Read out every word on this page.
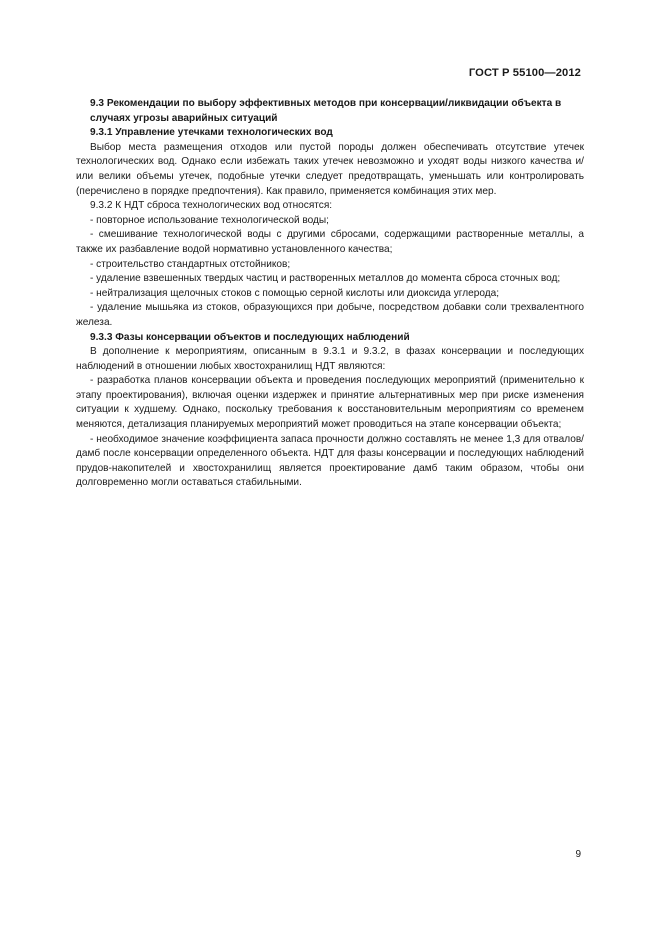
ГОСТ Р 55100—2012

9.3 Рекомендации по выбору эффективных методов при консервации/ликвидации объекта в случаях угрозы аварийных ситуаций

9.3.1 Управление утечками технологических вод

Выбор места размещения отходов или пустой породы должен обеспечивать отсутствие утечек технологических вод. Однако если избежать таких утечек невозможно и уходят воды низкого качества и/или велики объемы утечек, подобные утечки следует предотвращать, уменьшать или контролировать (перечислено в порядке предпочтения). Как правило, применяется комбинация этих мер.

9.3.2 К НДТ сброса технологических вод относятся:

- повторное использование технологической воды;

- смешивание технологической воды с другими сбросами, содержащими растворенные металлы, а также их разбавление водой нормативно установленного качества;

- строительство стандартных отстойников;

- удаление взвешенных твердых частиц и растворенных металлов до момента сброса сточных вод;

- нейтрализация щелочных стоков с помощью серной кислоты или диоксида углерода;

- удаление мышьяка из стоков, образующихся при добыче, посредством добавки соли трехвалентного железа.

9.3.3 Фазы консервации объектов и последующих наблюдений

В дополнение к мероприятиям, описанным в 9.3.1 и 9.3.2, в фазах консервации и последующих наблюдений в отношении любых хвостохранилищ НДТ являются:

- разработка планов консервации объекта и проведения последующих мероприятий (применительно к этапу проектирования), включая оценки издержек и принятие альтернативных мер при риске изменения ситуации к худшему. Однако, поскольку требования к восстановительным мероприятиям со временем меняются, детализация планируемых мероприятий может проводиться на этапе консервации объекта;

- необходимое значение коэффициента запаса прочности должно составлять не менее 1,3 для отвалов/дамб после консервации определенного объекта. НДТ для фазы консервации и последующих наблюдений прудов-накопителей и хвостохранилищ является проектирование дамб таким образом, чтобы они долговременно могли оставаться стабильными.

9
